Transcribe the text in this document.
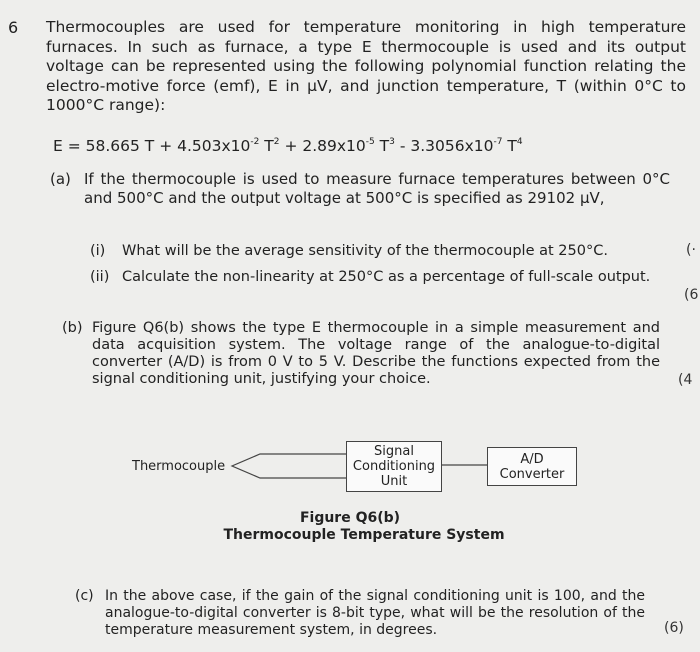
6 Thermocouples are used for temperature monitoring in high temperature furnaces. In such as furnace, a type E thermocouple is used and its output voltage can be represented using the following polynomial function relating the electro-motive force (emf), E in μV, and junction temperature, T (within 0°C to 1000°C range):
E = 58.665 $T + 4.503x10^{-2}$ $T^2 + 2.89x10^{-5}$ $T^3 - 3.3056x10^{-7}$ $T^4$
(a) If the thermocouple is used to measure furnace temperatures between 0°C and 500°C and the output voltage at 500°C is specified as 29102 μV,
(i) What will be the average sensitivity of the thermocouple at 250°C.	(·
(ii) Calculate the non-linearity at 250°C as a percentage of full-scale output.
(6
(b) Figure Q6(b) shows the type E thermocouple in a simple measurement and data acquisition system. The voltage range of the analogue-to-digital converter (A/D) is from 0 V to 5 V. Describe the functions expected from the signal conditioning unit, justifying your choice.	(4
Thermocouple
Signal
Conditioning
Unit
A/D
Converter
Figure Q6(b)
Thermocouple Temperature System
(c) In the above case, if the gain of the signal conditioning unit is 100, and the analogue-to-digital converter is 8-bit type, what will be the resolution of the temperature measurement system, in degrees.	(6)
